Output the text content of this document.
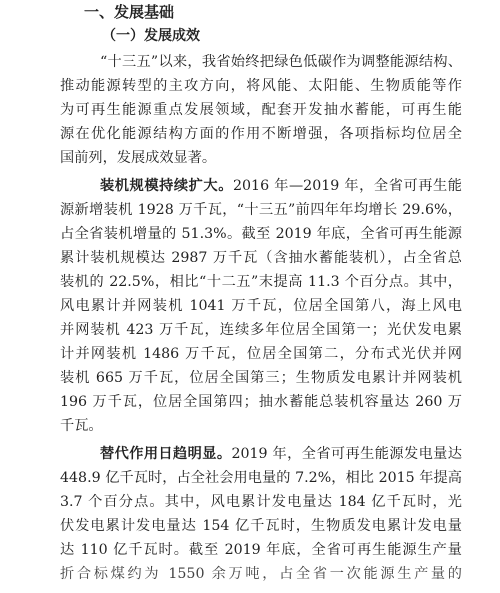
一、发展基础
（一）发展成效
“十三五”以来，我省始终把绿色低碳作为调整能源结构、
推动能源转型的主攻方向，将风能、太阳能、生物质能等作
为可再生能源重点发展领域，配套开发抽水蓄能，可再生能
源在优化能源结构方面的作用不断增强，各项指标均位居全
国前列，发展成效显著。
装机规模持续扩大。2016 年—2019 年，全省可再生能
源新增装机 1928 万千瓦，“十三五”前四年年均增长 29.6%，
占全省装机增量的 51.3%。截至 2019 年底，全省可再生能源
累计装机规模达 2987 万千瓦（含抽水蓄能装机），占全省总
装机的 22.5%，相比“十二五”末提高 11.3 个百分点。其中，
风电累计并网装机 1041 万千瓦，位居全国第八，海上风电
并网装机 423 万千瓦，连续多年位居全国第一；光伏发电累
计并网装机 1486 万千瓦，位居全国第二，分布式光伏并网
装机 665 万千瓦，位居全国第三；生物质发电累计并网装机
196 万千瓦，位居全国第四；抽水蓄能总装机容量达 260 万
千瓦。
替代作用日趋明显。2019 年，全省可再生能源发电量达
448.9 亿千瓦时，占全社会用电量的 7.2%，相比 2015 年提高
3.7 个百分点。其中，风电累计发电量达 184 亿千瓦时，光
伏发电累计发电量达 154 亿千瓦时，生物质发电累计发电量
达 110 亿千瓦时。截至 2019 年底，全省可再生能源生产量
折合标煤约为 1550 余万吨，占全省一次能源生产量的
